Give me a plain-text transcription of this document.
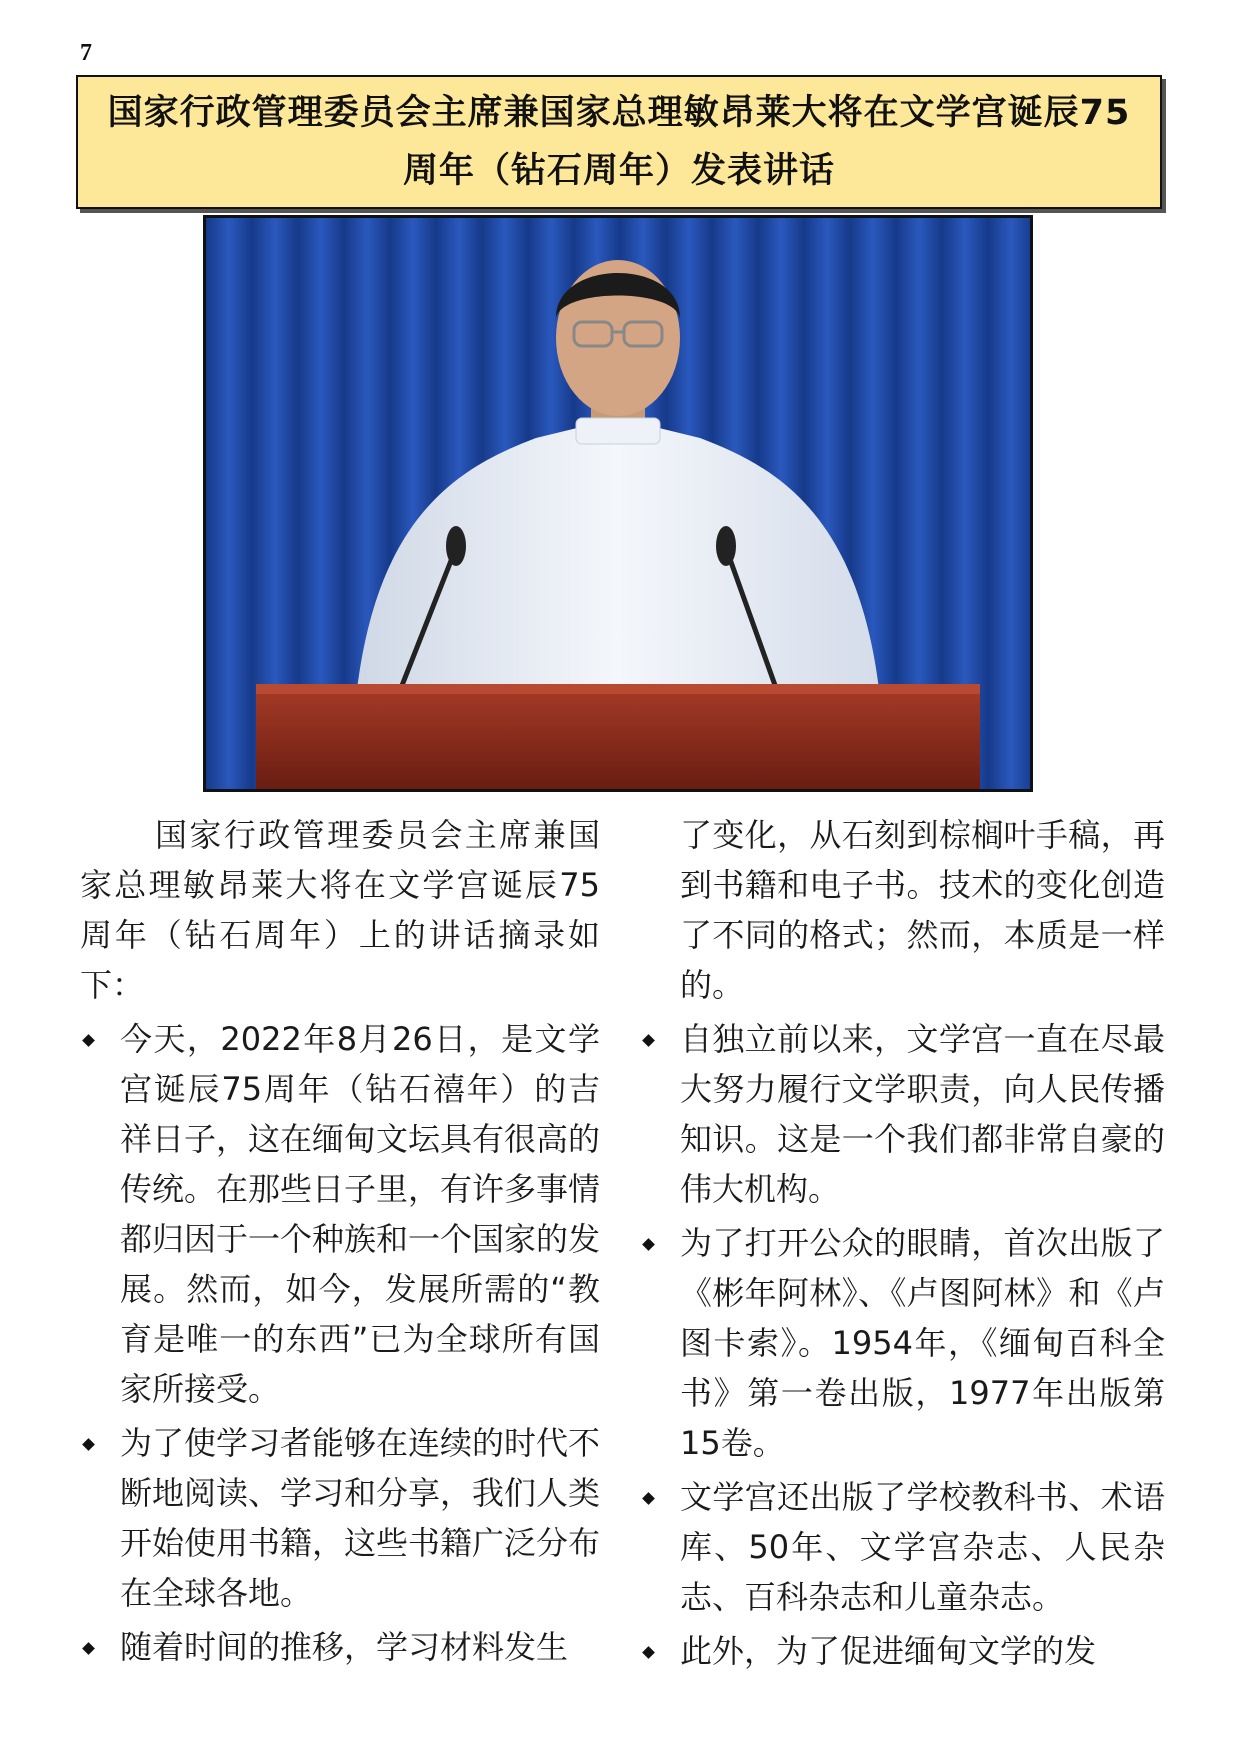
7
国家行政管理委员会主席兼国家总理敏昂莱大将在文学宫诞辰75周年（钻石周年）发表讲话

国家行政管理委员会主席兼国家总理敏昂莱大将在文学宫诞辰75周年（钻石周年）上的讲话摘录如下：

今天，2022年8月26日，是文学宫诞辰75周年（钻石禧年）的吉祥日子，这在缅甸文坛具有很高的传统。在那些日子里，有许多事情都归因于一个种族和一个国家的发展。然而，如今，发展所需的“教育是唯一的东西”已为全球所有国家所接受。
为了使学习者能够在连续的时代不断地阅读、学习和分享，我们人类开始使用书籍，这些书籍广泛分布在全球各地。
随着时间的推移，学习材料发生

了变化，从石刻到棕榈叶手稿，再到书籍和电子书。技术的变化创造了不同的格式；然而，本质是一样的。

自独立前以来，文学宫一直在尽最大努力履行文学职责，向人民传播知识。这是一个我们都非常自豪的伟大机构。
为了打开公众的眼睛，首次出版了《彬年阿林》、《卢图阿林》和《卢图卡索》。1954年，《缅甸百科全书》第一卷出版，1977年出版第15卷。
文学宫还出版了学校教科书、术语库、50年、文学宫杂志、人民杂志、百科杂志和儿童杂志。
此外，为了促进缅甸文学的发
